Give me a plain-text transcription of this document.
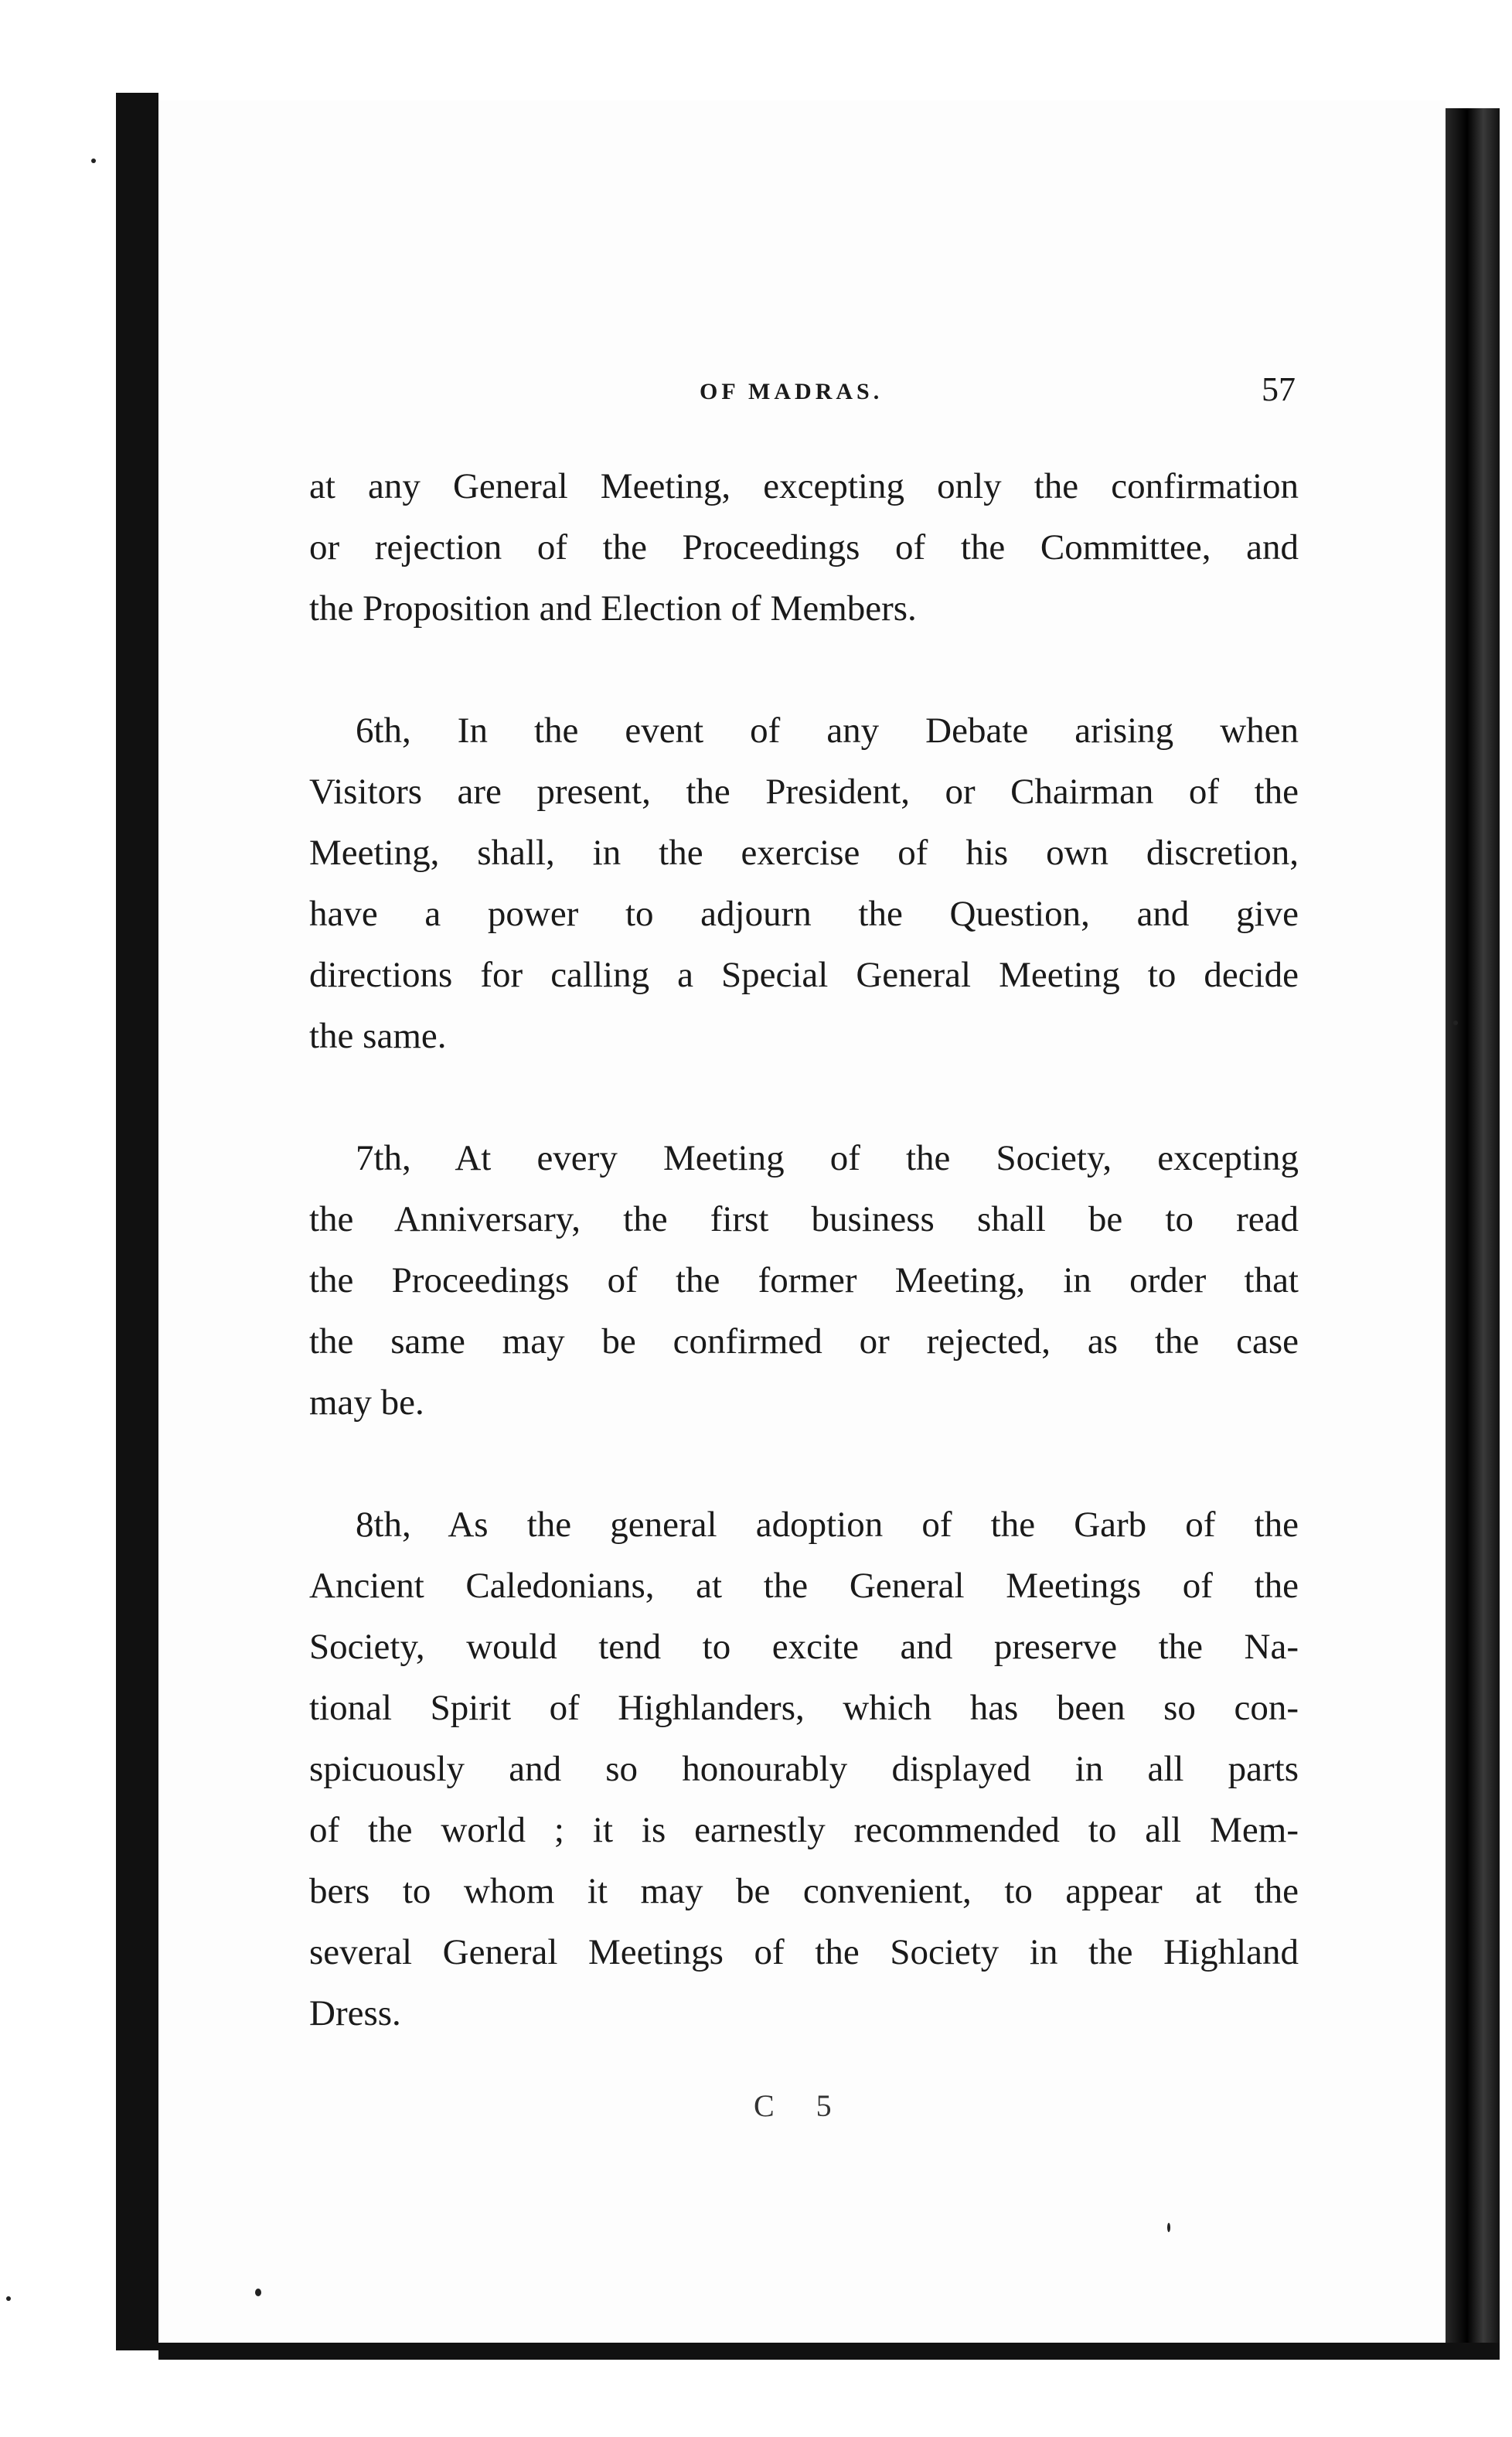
OF MADRAS.	57
at any General Meeting, excepting only the confirmation
or rejection of the Proceedings of the Committee, and
the Proposition and Election of Members.
6th, In the event of any Debate arising when
Visitors are present, the President, or Chairman of the
Meeting, shall, in the exercise of his own discretion,
have a power to adjourn the Question, and give
directions for calling a Special General Meeting to decide
the same.
7th, At every Meeting of the Society, excepting
the Anniversary, the first business shall be to read
the Proceedings of the former Meeting, in order that
the same may be confirmed or rejected, as the case
may be.
8th, As the general adoption of the Garb of the
Ancient Caledonians, at the General Meetings of the
Society, would tend to excite and preserve the Na-
tional Spirit of Highlanders, which has been so con-
spicuously and so honourably displayed in all parts
of the world ; it is earnestly recommended to all Mem-
bers to whom it may be convenient, to appear at the
several General Meetings of the Society in the Highland
Dress.
C 5
